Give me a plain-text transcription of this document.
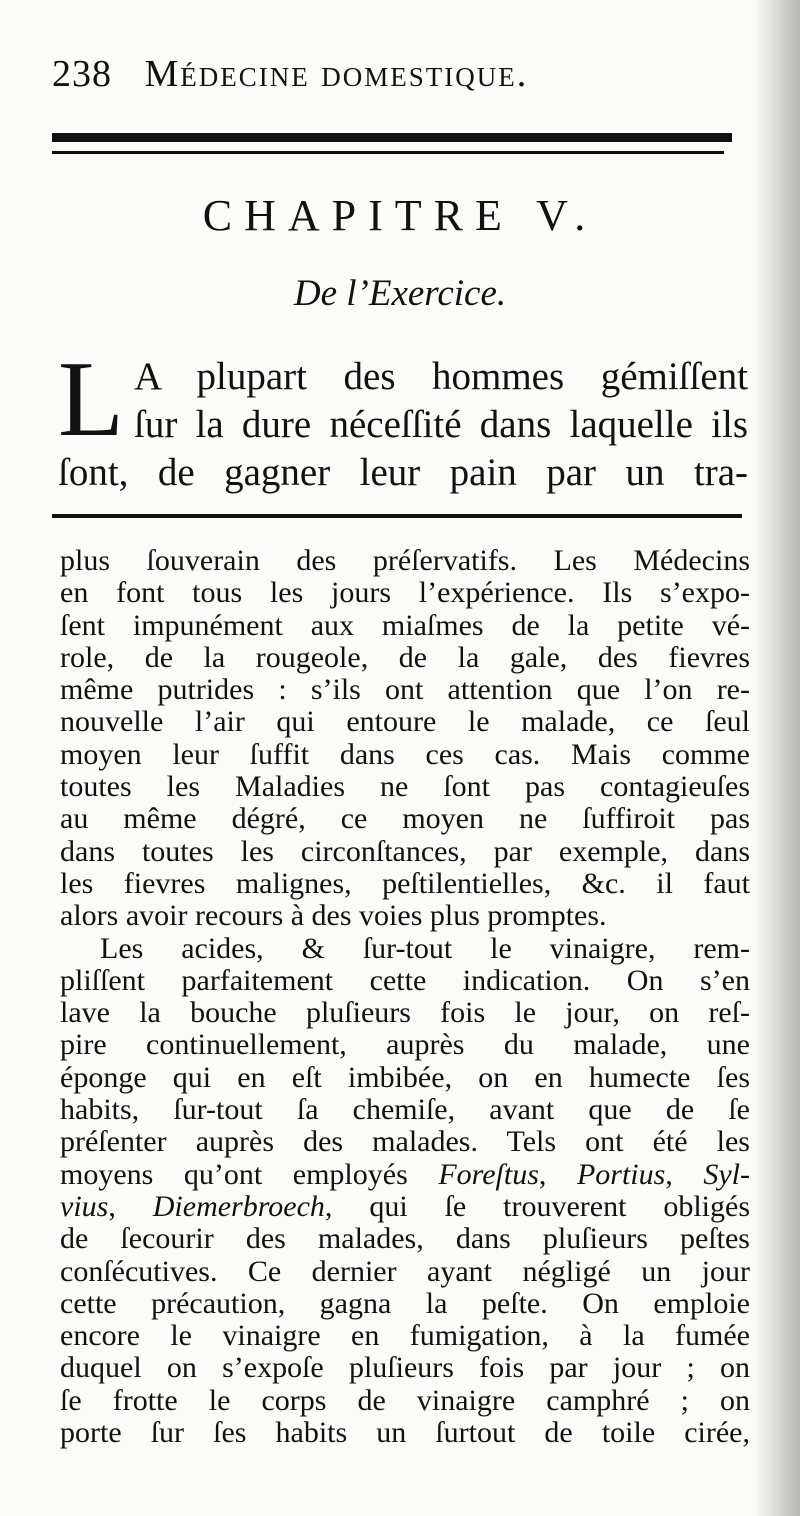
238 Médecine domestique.
CHAPITRE V.
De l’Exercice.
L A plupart des hommes gémiſſent
ſur la dure néceſſité dans laquelle ils
ſont, de gagner leur pain par un tra-
plus ſouverain des préſervatifs. Les Médecins
en font tous les jours l’expérience. Ils s’expo-
ſent impunément aux miaſmes de la petite vé-
role, de la rougeole, de la gale, des fievres
même putrides : s’ils ont attention que l’on re-
nouvelle l’air qui entoure le malade, ce ſeul
moyen leur ſuffit dans ces cas. Mais comme
toutes les Maladies ne ſont pas contagieuſes
au même dégré, ce moyen ne ſuffiroit pas
dans toutes les circonſtances, par exemple, dans
les fievres malignes, peſtilentielles, &c. il faut
alors avoir recours à des voies plus promptes.
Les acides, & ſur-tout le vinaigre, rem-
pliſſent parfaitement cette indication. On s’en
lave la bouche pluſieurs fois le jour, on reſ-
pire continuellement, auprès du malade, une
éponge qui en eſt imbibée, on en humecte ſes
habits, ſur-tout ſa chemiſe, avant que de ſe
préſenter auprès des malades. Tels ont été les
moyens qu’ont employés Foreſtus, Portius, Syl-
vius, Diemerbroech, qui ſe trouverent obligés
de ſecourir des malades, dans pluſieurs peſtes
conſécutives. Ce dernier ayant négligé un jour
cette précaution, gagna la peſte. On emploie
encore le vinaigre en fumigation, à la fumée
duquel on s’expoſe pluſieurs fois par jour ; on
ſe frotte le corps de vinaigre camphré ; on
porte ſur ſes habits un ſurtout de toile cirée,
